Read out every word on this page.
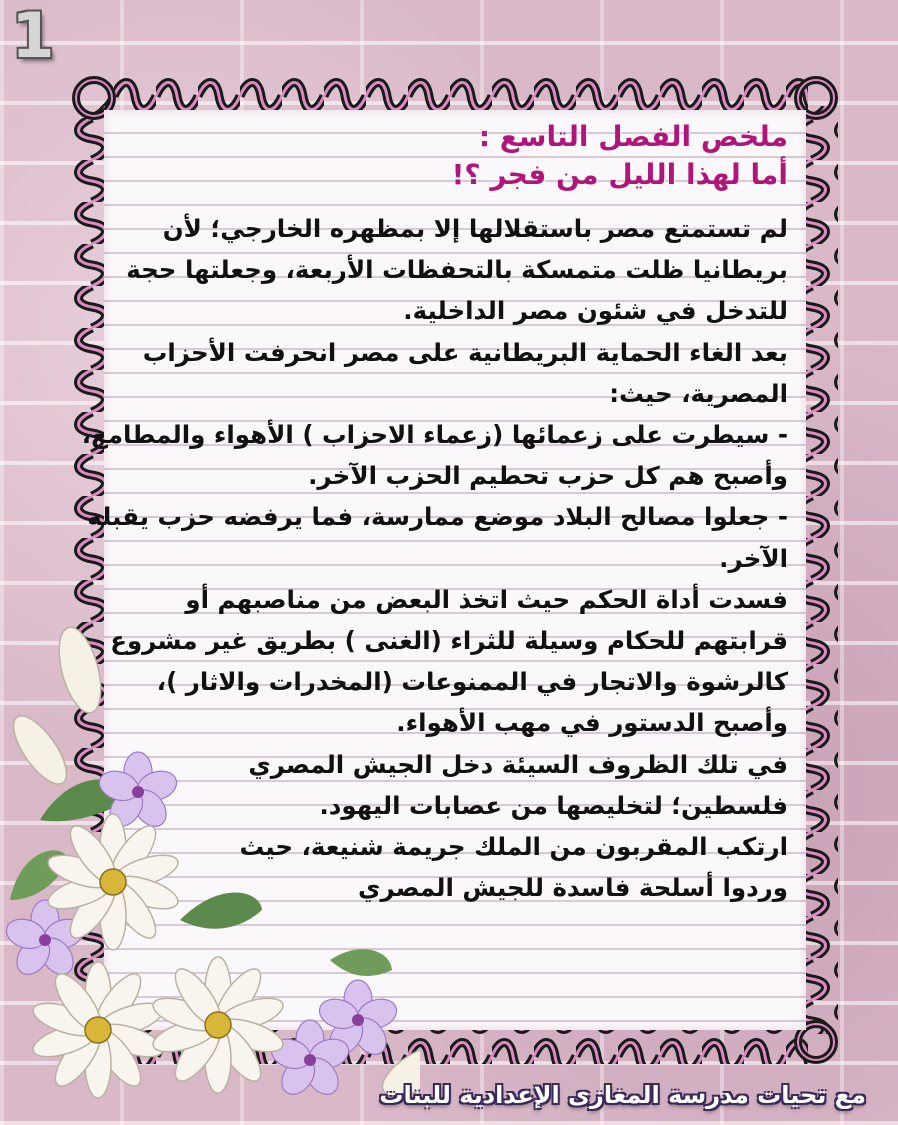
1
ملخص الفصل التاسع :
أما لهذا الليل من فجر ؟!
لم تستمتع مصر باستقلالها إلا بمظهره الخارجي؛ لأن
بريطانيا ظلت متمسكة بالتحفظات الأربعة، وجعلتها حجة
للتدخل في شئون مصر الداخلية.
بعد الغاء الحماية البريطانية على مصر انحرفت الأحزاب
المصرية، حيث:
- سيطرت على زعمائها (زعماء الاحزاب ) الأهواء والمطامع،
وأصبح هم كل حزب تحطيم الحزب الآخر.
- جعلوا مصالح البلاد موضع ممارسة، فما يرفضه حزب يقبله
الآخر.
فسدت أداة الحكم حيث اتخذ البعض من مناصبهم أو
قرابتهم للحكام وسيلة للثراء (الغنى ) بطريق غير مشروع
كالرشوة والاتجار في الممنوعات (المخدرات والاثار )،
وأصبح الدستور في مهب الأهواء.
في تلك الظروف السيئة دخل الجيش المصري
فلسطين؛ لتخليصها من عصابات اليهود.
ارتكب المقربون من الملك جريمة شنيعة، حيث
وردوا أسلحة فاسدة للجيش المصري
مع تحيات مدرسة المغازى الإعدادية للبنات
